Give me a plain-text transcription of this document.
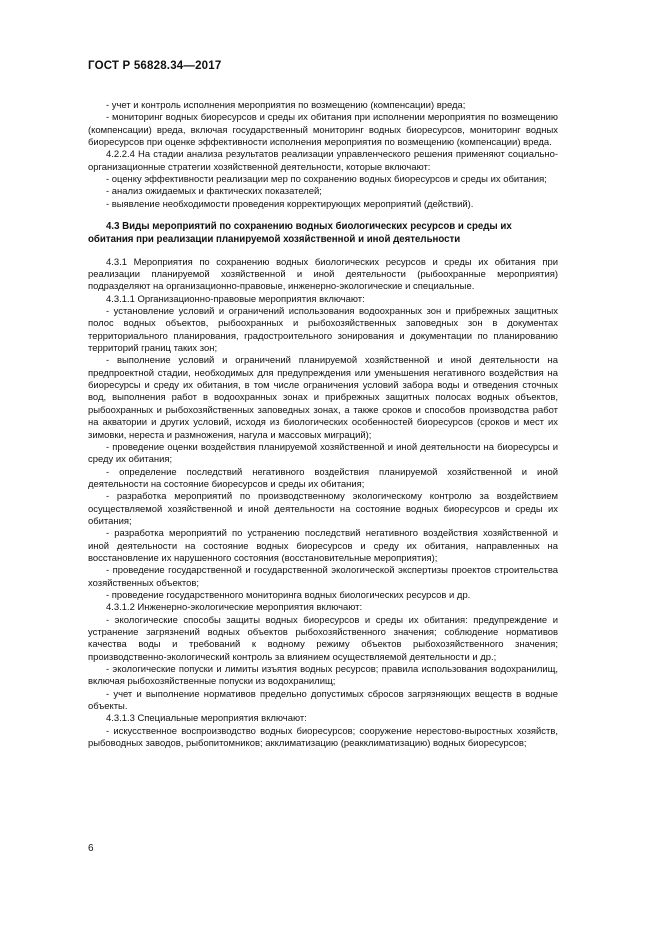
ГОСТ Р 56828.34—2017

- учет и контроль исполнения мероприятия по возмещению (компенсации) вреда;

- мониторинг водных биоресурсов и среды их обитания при исполнении мероприятия по возмещению (компенсации) вреда, включая государственный мониторинг водных биоресурсов, мониторинг водных биоресурсов при оценке эффективности исполнения мероприятия по возмещению (компенсации) вреда.

4.2.2.4 На стадии анализа результатов реализации управленческого решения применяют социально-организационные стратегии хозяйственной деятельности, которые включают:

- оценку эффективности реализации мер по сохранению водных биоресурсов и среды их обитания;

- анализ ожидаемых и фактических показателей;

- выявление необходимости проведения корректирующих мероприятий (действий).

4.3 Виды мероприятий по сохранению водных биологических ресурсов и среды их обитания при реализации планируемой хозяйственной и иной деятельности

4.3.1 Мероприятия по сохранению водных биологических ресурсов и среды их обитания при реализации планируемой хозяйственной и иной деятельности (рыбоохранные мероприятия) подразделяют на организационно-правовые, инженерно-экологические и специальные.

4.3.1.1 Организационно-правовые мероприятия включают:

- установление условий и ограничений использования водоохранных зон и прибрежных защитных полос водных объектов, рыбоохранных и рыбохозяйственных заповедных зон в документах территориального планирования, градостроительного зонирования и документации по планированию территорий границ таких зон;

- выполнение условий и ограничений планируемой хозяйственной и иной деятельности на предпроектной стадии, необходимых для предупреждения или уменьшения негативного воздействия на биоресурсы и среду их обитания, в том числе ограничения условий забора воды и отведения сточных вод, выполнения работ в водоохранных зонах и прибрежных защитных полосах водных объектов, рыбоохранных и рыбохозяйственных заповедных зонах, а также сроков и способов производства работ на акватории и других условий, исходя из биологических особенностей биоресурсов (сроков и мест их зимовки, нереста и размножения, нагула и массовых миграций);

- проведение оценки воздействия планируемой хозяйственной и иной деятельности на биоресурсы и среду их обитания;

- определение последствий негативного воздействия планируемой хозяйственной и иной деятельности на состояние биоресурсов и среды их обитания;

- разработка мероприятий по производственному экологическому контролю за воздействием осуществляемой хозяйственной и иной деятельности на состояние водных биоресурсов и среды их обитания;

- разработка мероприятий по устранению последствий негативного воздействия хозяйственной и иной деятельности на состояние водных биоресурсов и среду их обитания, направленных на восстановление их нарушенного состояния (восстановительные мероприятия);

- проведение государственной и государственной экологической экспертизы проектов строительства хозяйственных объектов;

- проведение государственного мониторинга водных биологических ресурсов и др.

4.3.1.2 Инженерно-экологические мероприятия включают:

- экологические способы защиты водных биоресурсов и среды их обитания: предупреждение и устранение загрязнений водных объектов рыбохозяйственного значения; соблюдение нормативов качества воды и требований к водному режиму объектов рыбохозяйственного значения; производственно-экологический контроль за влиянием осуществляемой деятельности и др.;

- экологические попуски и лимиты изъятия водных ресурсов; правила использования водохранилищ, включая рыбохозяйственные попуски из водохранилищ;

- учет и выполнение нормативов предельно допустимых сбросов загрязняющих веществ в водные объекты.

4.3.1.3 Специальные мероприятия включают:

- искусственное воспроизводство водных биоресурсов; сооружение нерестово-выростных хозяйств, рыбоводных заводов, рыбопитомников; акклиматизацию (реакклиматизацию) водных биоресурсов;

6
